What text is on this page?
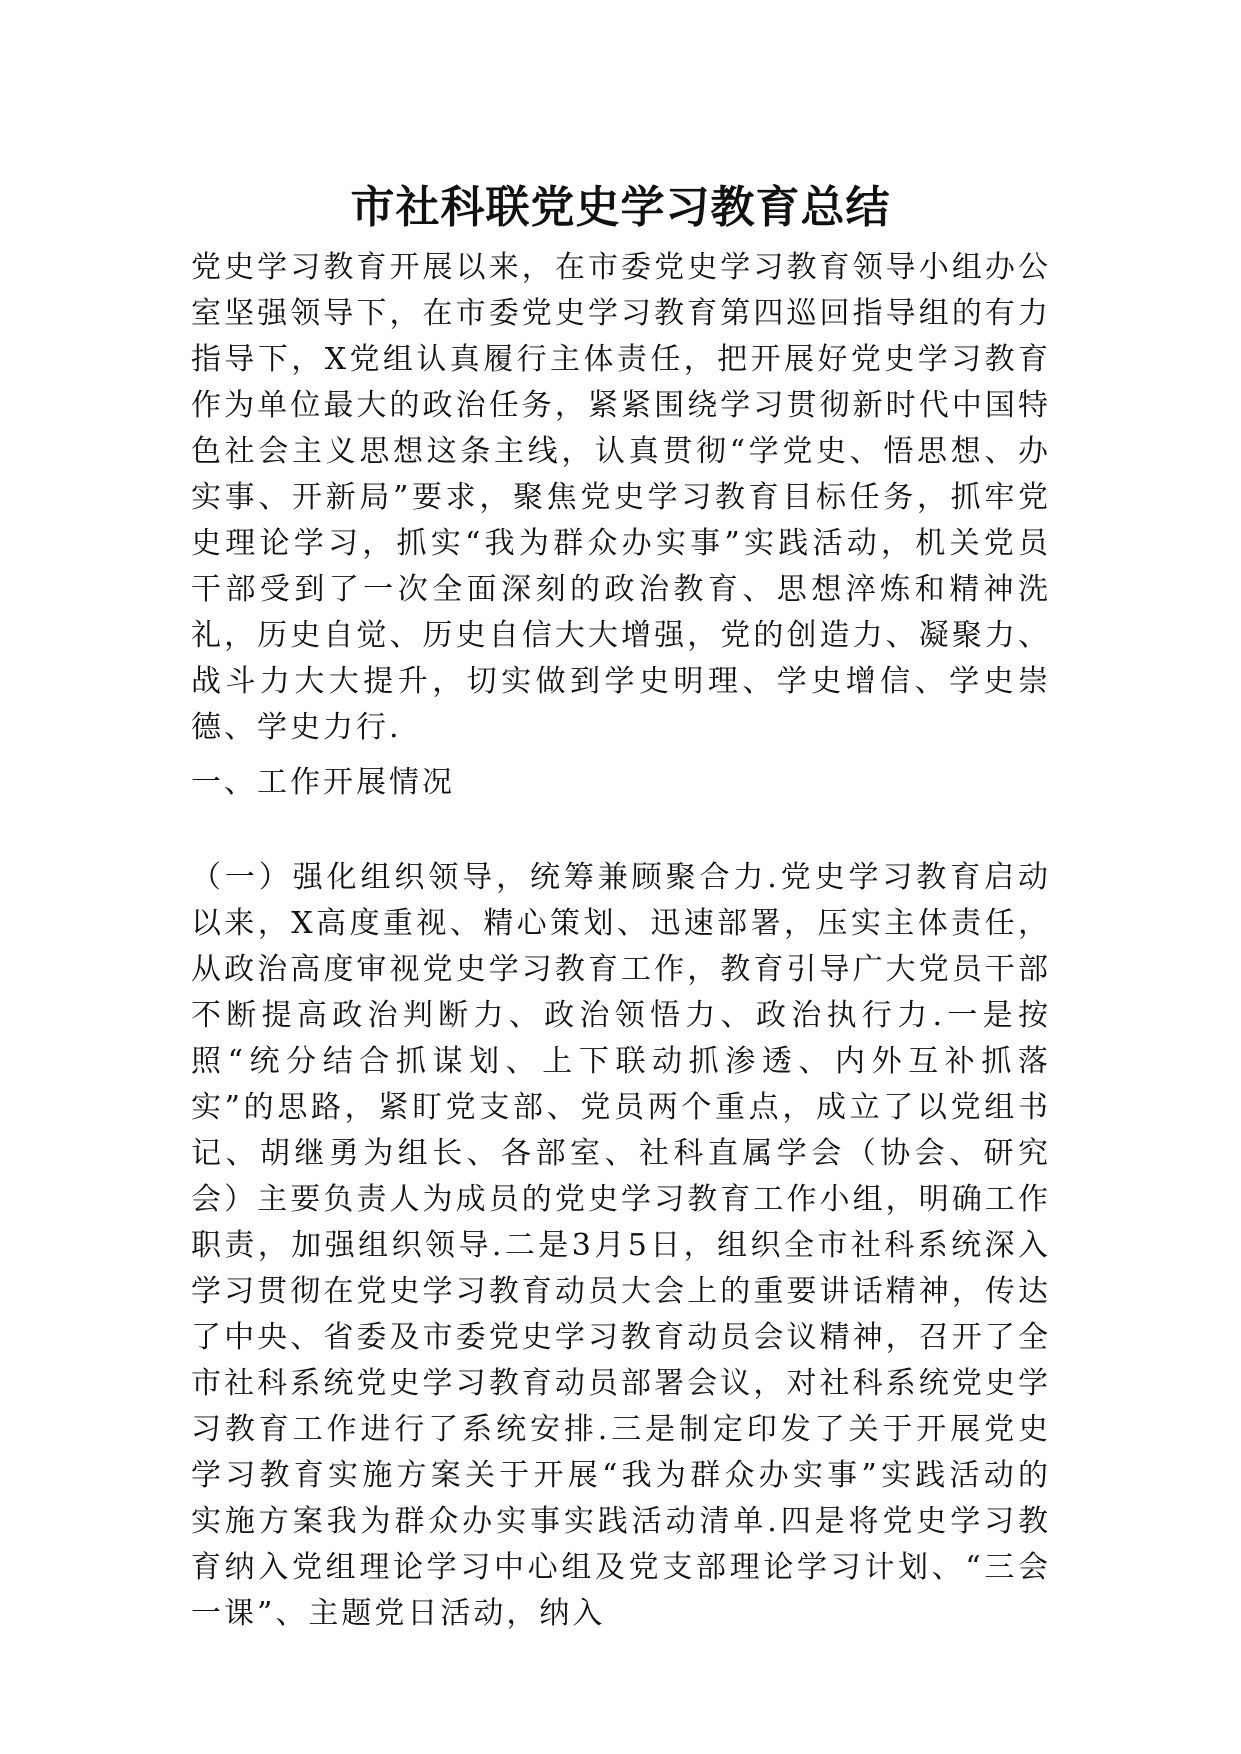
市社科联党史学习教育总结

党史学习教育开展以来，在市委党史学习教育领导小组办公室坚强领导下，在市委党史学习教育第四巡回指导组的有力指导下，X党组认真履行主体责任，把开展好党史学习教育作为单位最大的政治任务，紧紧围绕学习贯彻新时代中国特色社会主义思想这条主线，认真贯彻“学党史、悟思想、办实事、开新局”要求，聚焦党史学习教育目标任务，抓牢党史理论学习，抓实“我为群众办实事”实践活动，机关党员干部受到了一次全面深刻的政治教育、思想淬炼和精神洗礼，历史自觉、历史自信大大增强，党的创造力、凝聚力、战斗力大大提升，切实做到学史明理、学史增信、学史崇德、学史力行.

一、工作开展情况

（一）强化组织领导，统筹兼顾聚合力.党史学习教育启动以来，X高度重视、精心策划、迅速部署，压实主体责任，从政治高度审视党史学习教育工作，教育引导广大党员干部不断提高政治判断力、政治领悟力、政治执行力.一是按照“统分结合抓谋划、上下联动抓渗透、内外互补抓落实”的思路，紧盯党支部、党员两个重点，成立了以党组书记、胡继勇为组长、各部室、社科直属学会（协会、研究会）主要负责人为成员的党史学习教育工作小组，明确工作职责，加强组织领导.二是3月5日，组织全市社科系统深入学习贯彻在党史学习教育动员大会上的重要讲话精神，传达了中央、省委及市委党史学习教育动员会议精神，召开了全市社科系统党史学习教育动员部署会议，对社科系统党史学习教育工作进行了系统安排.三是制定印发了关于开展党史学习教育实施方案关于开展“我为群众办实事”实践活动的实施方案我为群众办实事实践活动清单.四是将党史学习教育纳入党组理论学习中心组及党支部理论学习计划、“三会一课”、主题党日活动，纳入
